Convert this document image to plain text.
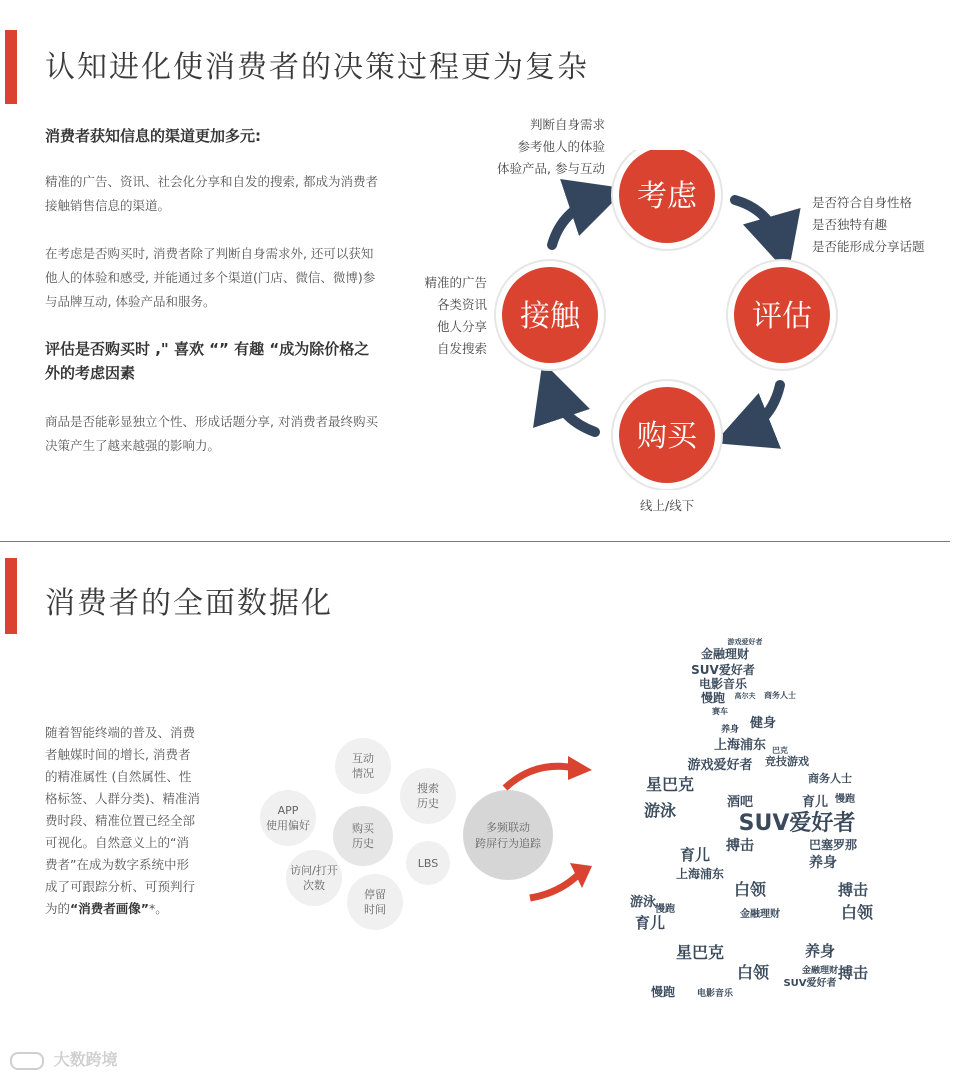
认知进化使消费者的决策过程更为复杂
消费者获知信息的渠道更加多元:
精准的广告、资讯、社会化分享和自发的搜索, 都成为消费者接触销售信息的渠道。
在考虑是否购买时, 消费者除了判断自身需求外, 还可以获知他人的体验和感受, 并能通过多个渠道(门店、微信、微博)参与品牌互动, 体验产品和服务。
评估是否购买时 ," 喜欢 “” 有趣 “成为除价格之外的考虑因素
商品是否能彰显独立个性、形成话题分享, 对消费者最终购买决策产生了越来越强的影响力。
考虑
评估
购买
接触
判断自身需求
参考他人的体验
体验产品, 参与互动
是否符合自身性格
是否独特有趣
是否能形成分享话题
精准的广告
各类资讯
他人分享
自发搜索
线上/线下
消费者的全面数据化
随着智能终端的普及、消费
者触媒时间的增长, 消费者
的精准属性 (自然属性、性
格标签、人群分类)、精准消
费时段、精准位置已经全部
可视化。自然意义上的“消
费者”在成为数字系统中形
成了可跟踪分析、可预判行
为的“消费者画像”*。
互动
情况
搜索
历史
APP
使用偏好	购买
历史
LBS
访问/打开
次数
停留
时间
多频联动
跨屏行为追踪
游戏爱好者
金融理财
SUV爱好者
电影音乐
慢跑 高尔夫 商务人士
赛车
健身
养身
上海浦东 巴克
游戏爱好者 竞技游戏
星巴克	商务人士
游泳	酒吧	育儿 慢跑
SUV爱好者
搏击	巴塞罗那
育儿	养身
上海浦东
白领	搏击
游泳
慢跑	白领
育儿	金融理财
星巴克	养身
白领	搏击
金融理财
SUV爱好者
电影音乐
慢跑
大数跨境
